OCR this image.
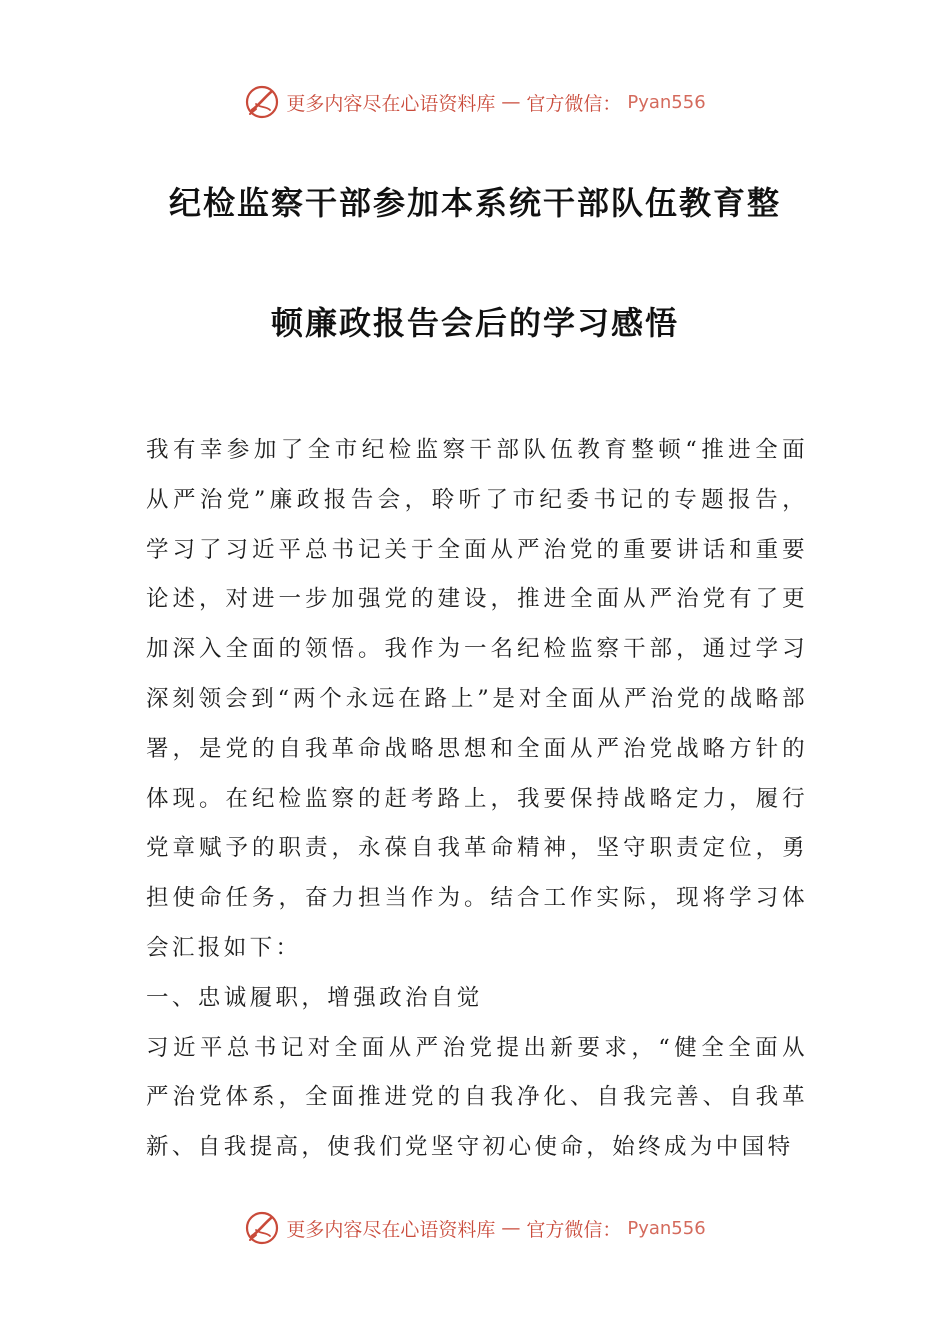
更多内容尽在心语资料库 — 官方微信： Pyan556
纪检监察干部参加本系统干部队伍教育整
顿廉政报告会后的学习感悟

我有幸参加了全市纪检监察干部队伍教育整顿“推进全面从严治党”廉政报告会，聆听了市纪委书记的专题报告，学习了习近平总书记关于全面从严治党的重要讲话和重要论述，对进一步加强党的建设，推进全面从严治党有了更加深入全面的领悟。我作为一名纪检监察干部，通过学习深刻领会到“两个永远在路上”是对全面从严治党的战略部署，是党的自我革命战略思想和全面从严治党战略方针的体现。在纪检监察的赶考路上，我要保持战略定力，履行党章赋予的职责，永葆自我革命精神，坚守职责定位，勇担使命任务，奋力担当作为。结合工作实际，现将学习体会汇报如下：

一、忠诚履职，增强政治自觉

习近平总书记对全面从严治党提出新要求，“健全全面从严治党体系，全面推进党的自我净化、自我完善、自我革新、自我提高，使我们党坚守初心使命，始终成为中国特

更多内容尽在心语资料库 — 官方微信： Pyan556
